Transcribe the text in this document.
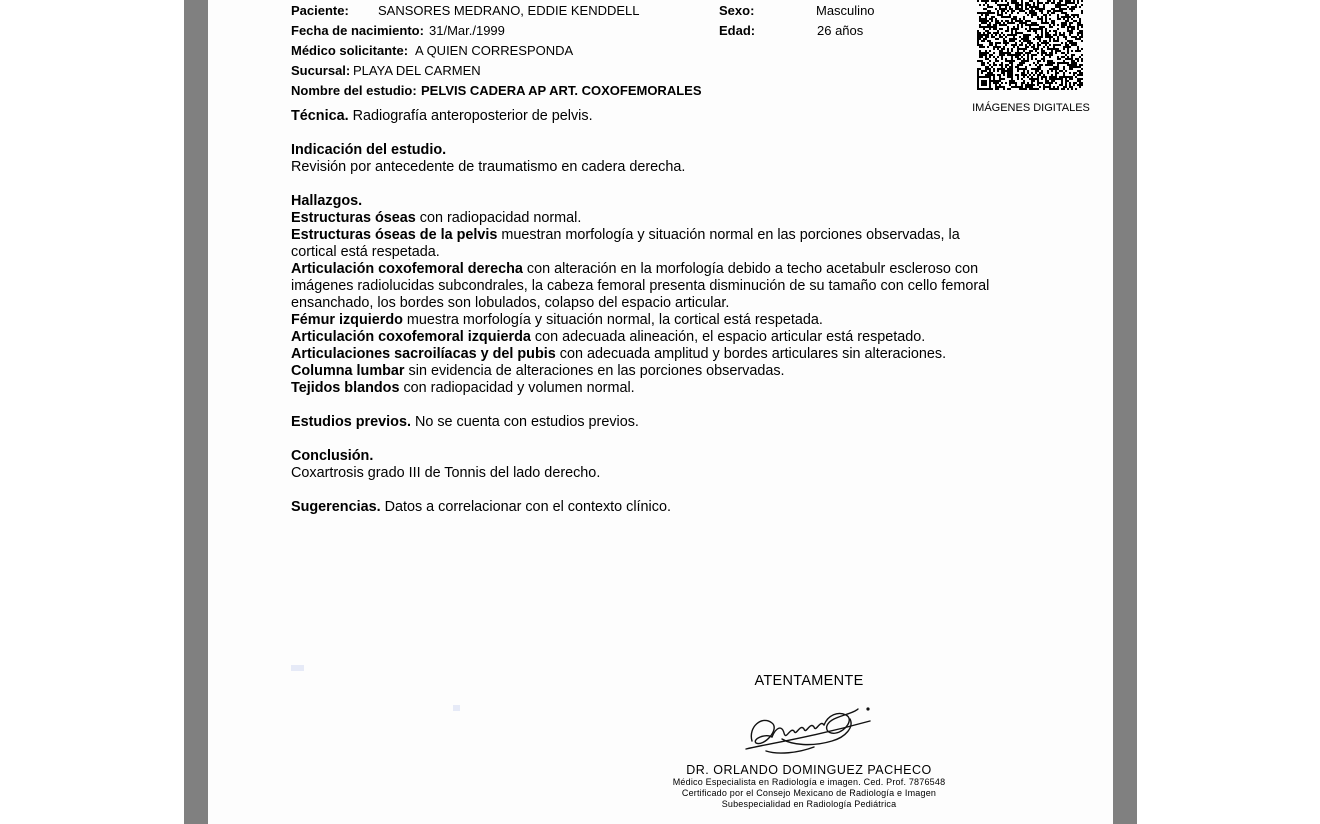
Paciente: SANSORES MEDRANO, EDDIE KENDDELL
Fecha de nacimiento: 31/Mar./1999
Médico solicitante: A QUIEN CORRESPONDA
Sucursal: PLAYA DEL CARMEN
Nombre del estudio: PELVIS CADERA AP ART. COXOFEMORALES
Sexo:	Masculino
Edad:	26 años
IMÁGENES DIGITALES

Técnica. Radiografía anteroposterior de pelvis.

Indicación del estudio.

Revisión por antecedente de traumatismo en cadera derecha.

Hallazgos.

Estructuras óseas con radiopacidad normal.

Estructuras óseas de la pelvis muestran morfología y situación normal en las porciones observadas, la cortical está respetada.

Articulación coxofemoral derecha con alteración en la morfología debido a techo acetabulr escleroso con imágenes radiolucidas subcondrales, la cabeza femoral presenta disminución de su tamaño con cello femoral ensanchado, los bordes son lobulados, colapso del espacio articular.

Fémur izquierdo muestra morfología y situación normal, la cortical está respetada.

Articulación coxofemoral izquierda con adecuada alineación, el espacio articular está respetado.

Articulaciones sacroilíacas y del pubis con adecuada amplitud y bordes articulares sin alteraciones.

Columna lumbar sin evidencia de alteraciones en las porciones observadas.

Tejidos blandos con radiopacidad y volumen normal.

Estudios previos. No se cuenta con estudios previos.

Conclusión.

Coxartrosis grado III de Tonnis del lado derecho.

Sugerencias. Datos a correlacionar con el contexto clínico.

ATENTAMENTE
DR. ORLANDO DOMINGUEZ PACHECO
Médico Especialista en Radiología e imagen. Ced. Prof. 7876548
Certificado por el Consejo Mexicano de Radiología e Imagen
Subespecialidad en Radiología Pediátrica
